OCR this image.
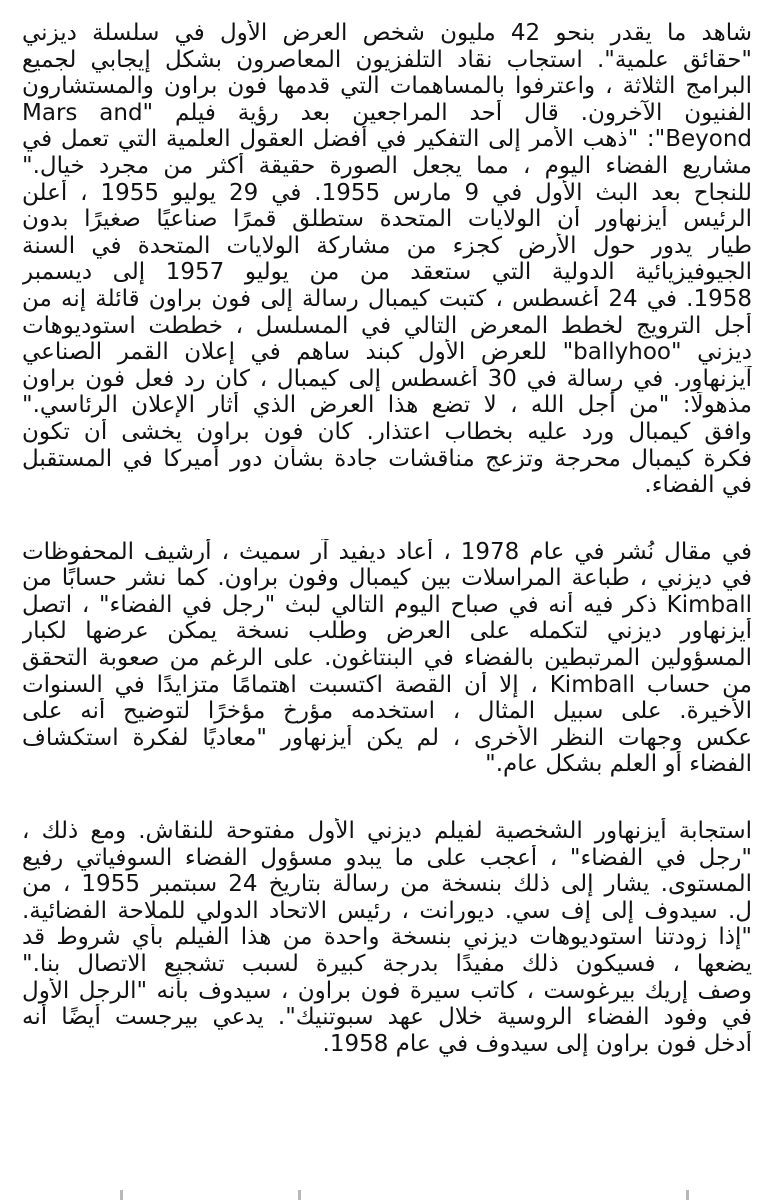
شاهد ما يقدر بنحو 42 مليون شخص العرض الأول في سلسلة ديزني
"حقائق علمية". استجاب نقاد التلفزيون المعاصرون بشكل إيجابي لجميع
البرامج الثلاثة ، واعترفوا بالمساهمات التي قدمها فون براون والمستشارون
الفنيون الآخرون. قال أحد المراجعين بعد رؤية فيلم "Mars and
Beyond": "ذهب الأمر إلى التفكير في أفضل العقول العلمية التي تعمل في
مشاريع الفضاء اليوم ، مما يجعل الصورة حقيقة أكثر من مجرد خيال."
للنجاح بعد البث الأول في 9 مارس 1955. في 29 يوليو 1955 ، أعلن
الرئيس أيزنهاور أن الولايات المتحدة ستطلق قمرًا صناعيًا صغيرًا بدون
طيار يدور حول الأرض كجزء من مشاركة الولايات المتحدة في السنة
الجيوفيزيائية الدولية التي ستعقد من من يوليو 1957 إلى ديسمبر
1958. في 24 أغسطس ، كتبت كيمبال رسالة إلى فون براون قائلة إنه من
أجل الترويج لخطط المعرض التالي في المسلسل ، خططت استوديوهات
ديزني "ballyhoo" للعرض الأول كبند ساهم في إعلان القمر الصناعي
آيزنهاور. في رسالة في 30 أغسطس إلى كيمبال ، كان رد فعل فون براون
مذهولًا: "من أجل الله ، لا تضع هذا العرض الذي أثار الإعلان الرئاسي."
وافق كيمبال ورد عليه بخطاب اعتذار. كان فون براون يخشى أن تكون
فكرة كيمبال محرجة وتزعج مناقشات جادة بشأن دور أميركا في المستقبل
في الفضاء.
في مقال نُشر في عام 1978 ، أعاد ديفيد آر سميث ، أرشيف المحفوظات
في ديزني ، طباعة المراسلات بين كيمبال وفون براون. كما نشر حسابًا من
Kimball ذكر فيه أنه في صباح اليوم التالي لبث "رجل في الفضاء" ، اتصل
أيزنهاور ديزني لتكمله على العرض وطلب نسخة يمكن عرضها لكبار
المسؤولين المرتبطين بالفضاء في البنتاغون. على الرغم من صعوبة التحقق
من حساب Kimball ، إلا أن القصة اكتسبت اهتمامًا متزايدًا في السنوات
الأخيرة. على سبيل المثال ، استخدمه مؤرخ مؤخرًا لتوضيح أنه على
عكس وجهات النظر الأخرى ، لم يكن أيزنهاور "معاديًا لفكرة استكشاف
الفضاء أو العلم بشكل عام."
استجابة أيزنهاور الشخصية لفيلم ديزني الأول مفتوحة للنقاش. ومع ذلك ،
"رجل في الفضاء" ، أعجب على ما يبدو مسؤول الفضاء السوفياتي رفيع
المستوى. يشار إلى ذلك بنسخة من رسالة بتاريخ 24 سبتمبر 1955 ، من
ل. سيدوف إلى إف سي. ديورانت ، رئيس الاتحاد الدولي للملاحة الفضائية.
"إذا زودتنا استوديوهات ديزني بنسخة واحدة من هذا الفيلم بأي شروط قد
يضعها ، فسيكون ذلك مفيدًا بدرجة كبيرة لسبب تشجيع الاتصال بنا."
وصف إريك بيرغوست ، كاتب سيرة فون براون ، سيدوف بأنه "الرجل الأول
في وفود الفضاء الروسية خلال عهد سبوتنيك". يدعي بيرجست أيضًا أنه
أدخل فون براون إلى سيدوف في عام 1958.
